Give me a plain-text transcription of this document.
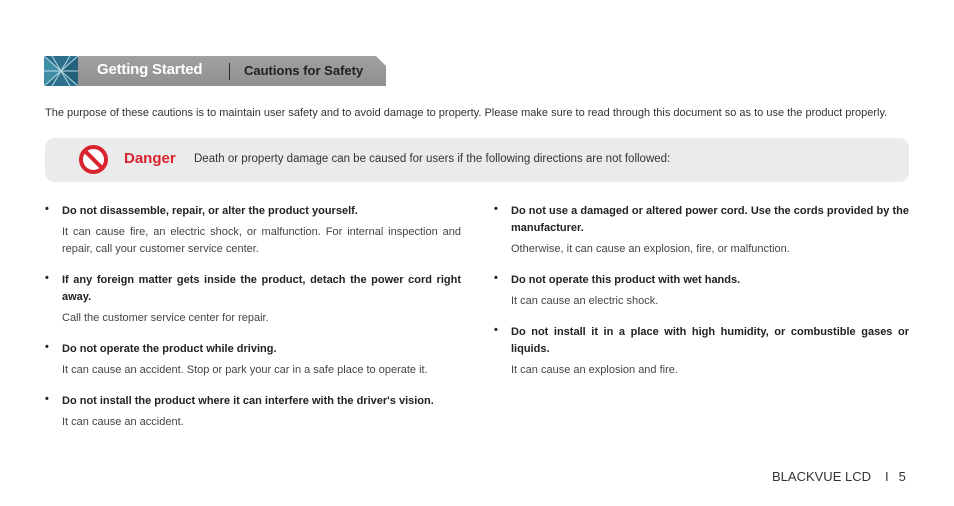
Getting Started	Cautions for Safety
The purpose of these cautions is to maintain user safety and to avoid damage to property. Please make sure to read through this document so as to use the product properly.
Danger Death or property damage can be caused for users if the following directions are not followed:
• Do not disassemble, repair, or alter the product yourself.
It can cause fire, an electric shock, or malfunction. For internal inspection and repair, call your customer service center.
• If any foreign matter gets inside the product, detach the power cord right away.
Call the customer service center for repair.
• Do not operate the product while driving.
It can cause an accident. Stop or park your car in a safe place to operate it.
• Do not install the product where it can interfere with the driver's vision.
It can cause an accident.
• Do not use a damaged or altered power cord. Use the cords provided by the manufacturer.
Otherwise, it can cause an explosion, fire, or malfunction.
• Do not operate this product with wet hands.
It can cause an electric shock.
• Do not install it in a place with high humidity, or combustible gases or liquids.
It can cause an explosion and fire.
BLACKVUE LCD I 5
